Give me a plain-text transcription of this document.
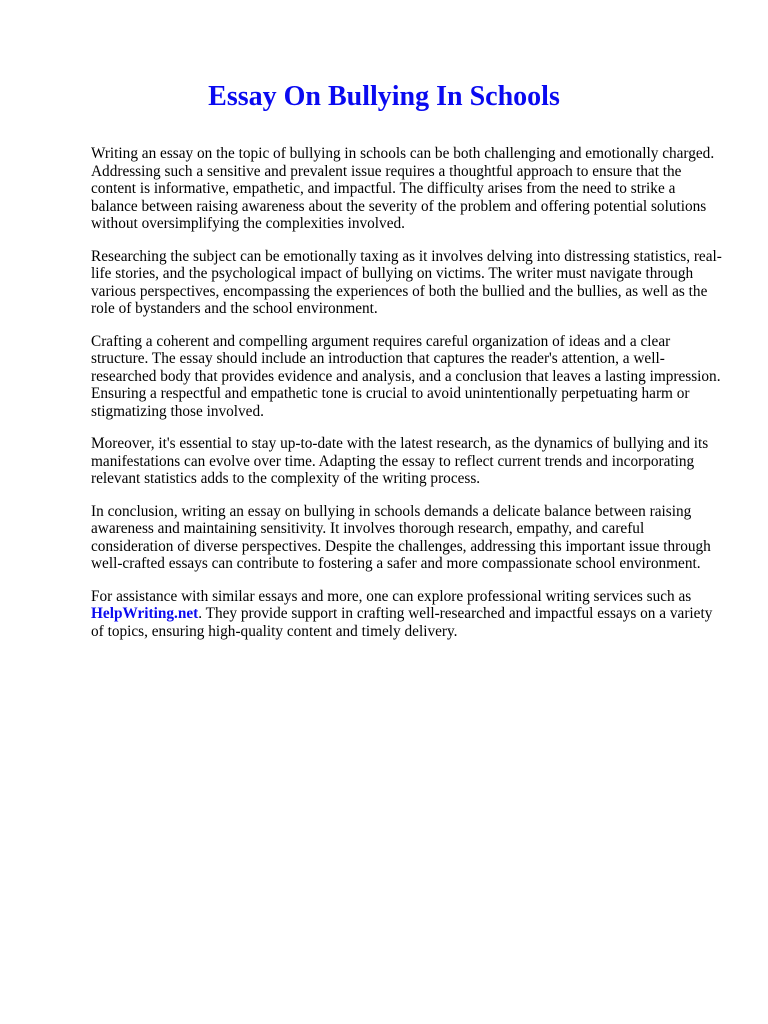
Essay On Bullying In Schools

Writing an essay on the topic of bullying in schools can be both challenging and emotionally charged. Addressing such a sensitive and prevalent issue requires a thoughtful approach to ensure that the content is informative, empathetic, and impactful. The difficulty arises from the need to strike a balance between raising awareness about the severity of the problem and offering potential solutions without oversimplifying the complexities involved.

Researching the subject can be emotionally taxing as it involves delving into distressing statistics, real-life stories, and the psychological impact of bullying on victims. The writer must navigate through various perspectives, encompassing the experiences of both the bullied and the bullies, as well as the role of bystanders and the school environment.

Crafting a coherent and compelling argument requires careful organization of ideas and a clear structure. The essay should include an introduction that captures the reader's attention, a well-researched body that provides evidence and analysis, and a conclusion that leaves a lasting impression. Ensuring a respectful and empathetic tone is crucial to avoid unintentionally perpetuating harm or stigmatizing those involved.

Moreover, it's essential to stay up-to-date with the latest research, as the dynamics of bullying and its manifestations can evolve over time. Adapting the essay to reflect current trends and incorporating relevant statistics adds to the complexity of the writing process.

In conclusion, writing an essay on bullying in schools demands a delicate balance between raising awareness and maintaining sensitivity. It involves thorough research, empathy, and careful consideration of diverse perspectives. Despite the challenges, addressing this important issue through well-crafted essays can contribute to fostering a safer and more compassionate school environment.

For assistance with similar essays and more, one can explore professional writing services such as HelpWriting.net. They provide support in crafting well-researched and impactful essays on a variety of topics, ensuring high-quality content and timely delivery.
